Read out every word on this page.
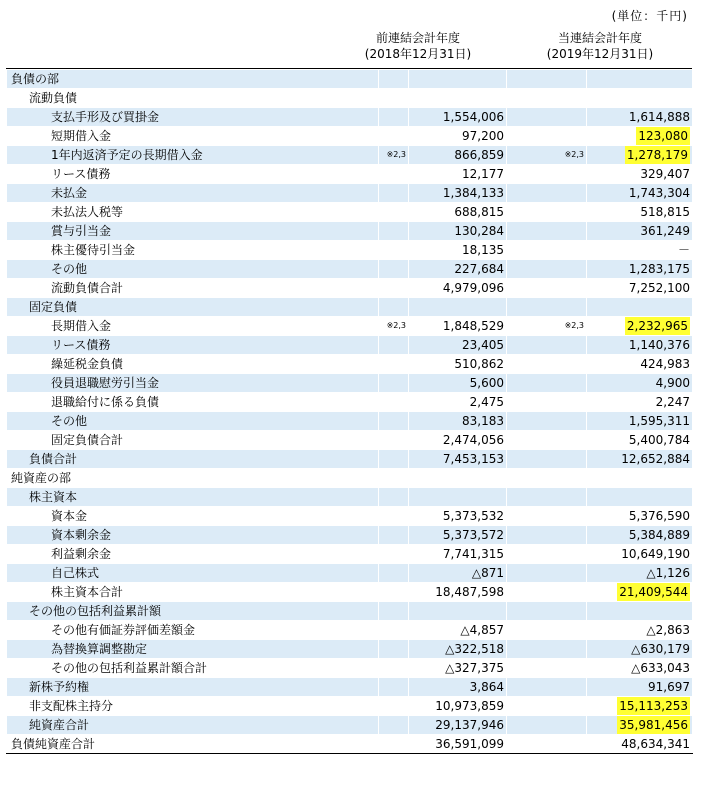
(単位：千円)
前連結会計年度
(2018年12月31日)
当連結会計年度
(2019年12月31日)
負債の部				
流動負債				
支払手形及び買掛金		1,554,006		1,614,888
短期借入金		97,200		123,080
1年内返済予定の長期借入金	※2,3	866,859	※2,3	1,278,179
リース債務		12,177		329,407
未払金		1,384,133		1,743,304
未払法人税等		688,815		518,815
賞与引当金		130,284		361,249
株主優待引当金		18,135		－
その他		227,684		1,283,175
流動負債合計		4,979,096		7,252,100
固定負債				
長期借入金	※2,3	1,848,529	※2,3	2,232,965
リース債務		23,405		1,140,376
繰延税金負債		510,862		424,983
役員退職慰労引当金		5,600		4,900
退職給付に係る負債		2,475		2,247
その他		83,183		1,595,311
固定負債合計		2,474,056		5,400,784
負債合計		7,453,153		12,652,884
純資産の部				
株主資本				
資本金		5,373,532		5,376,590
資本剰余金		5,373,572		5,384,889
利益剰余金		7,741,315		10,649,190
自己株式		△871		△1,126
株主資本合計		18,487,598		21,409,544
その他の包括利益累計額				
その他有価証券評価差額金		△4,857		△2,863
為替換算調整勘定		△322,518		△630,179
その他の包括利益累計額合計		△327,375		△633,043
新株予約権		3,864		91,697
非支配株主持分		10,973,859		15,113,253
純資産合計		29,137,946		35,981,456
負債純資産合計		36,591,099		48,634,341
